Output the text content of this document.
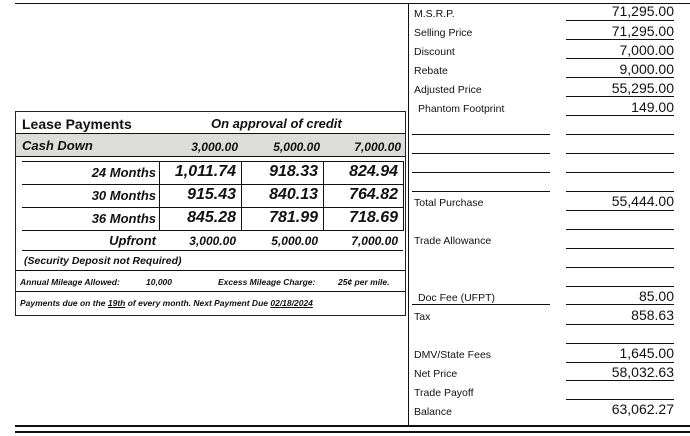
M.S.R.P.	71,295.00
Selling Price	71,295.00
Discount	7,000.00
Rebate	9,000.00
Adjusted Price	55,295.00
Phantom Footprint	149.00
Total Purchase	55,444.00
Trade Allowance
Doc Fee (UFPT)	85.00
Tax	858.63
DMV/State Fees	1,645.00
Net Price	58,032.63
Trade Payoff
Balance	63,062.27
Lease Payments	On approval of credit
Cash Down	3,000.00	5,000.00	7,000.00
24 Months	1,011.74	918.33	824.94
30 Months	915.43	840.13	764.82
36 Months	845.28	781.99	718.69
Upfront	3,000.00	5,000.00	7,000.00
(Security Deposit not Required)
Annual Mileage Allowed:	10,000	Excess Mileage Charge:	25¢ per mile.
Payments due on the 19th of every month. Next Payment Due 02/18/2024
